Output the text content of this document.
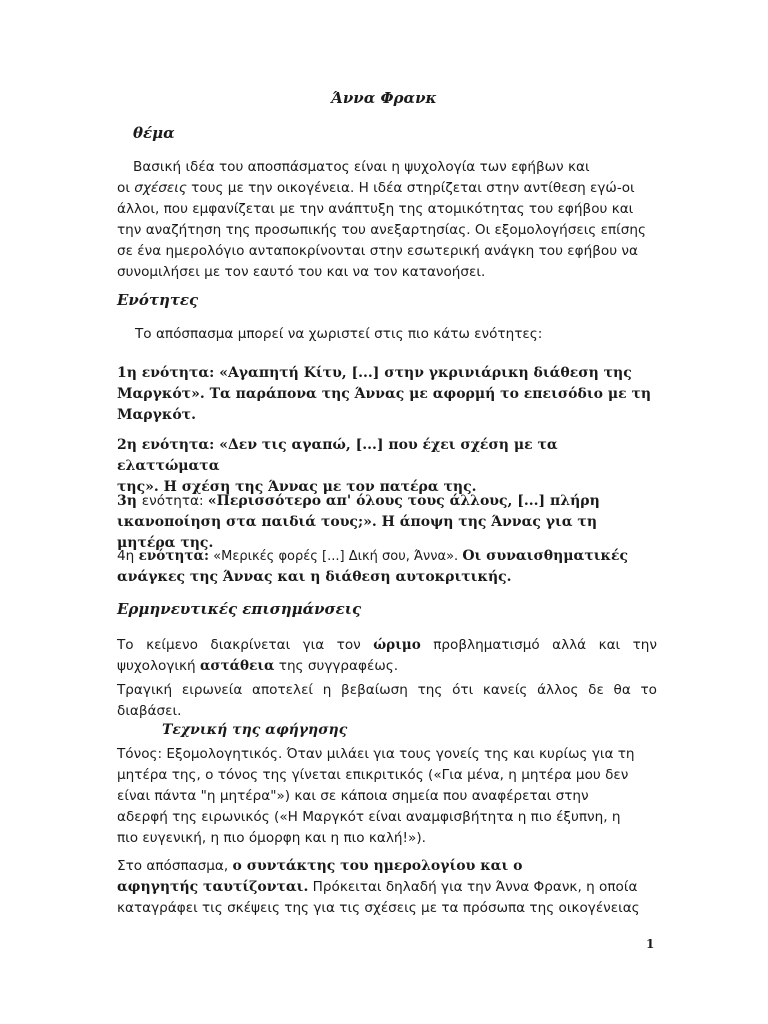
Άννα Φρανκ
θέμα
Βασική ιδέα του αποσπάσματος είναι η ψυχολογία των εφήβων και
οι σχέσεις τους με την οικογένεια. Η ιδέα στηρίζεται στην αντίθεση εγώ-οι
άλλοι, που εμφανίζεται με την ανάπτυξη της ατομικότητας του εφήβου και
την αναζήτηση της προσωπικής του ανεξαρτησίας. Οι εξομολογήσεις επίσης
σε ένα ημερολόγιο ανταποκρίνονται στην εσωτερική ανάγκη του εφήβου να
συνομιλήσει με τον εαυτό του και να τον κατανοήσει.
Ενότητες
Το απόσπασμα μπορεί να χωριστεί στις πιο κάτω ενότητες:
1η ενότητα: «Αγαπητή Κίτυ, [...] στην γκρινιάρικη διάθεση της
Μαργκότ». Τα παράπονα της Άννας με αφορμή το επεισόδιο με τη
Μαργκότ.
2η ενότητα: «Δεν τις αγαπώ, [...] που έχει σχέση με τα ελαττώματα
της». Η σχέση της Άννας με τον πατέρα της.
3η ενότητα: «Περισσότερο απ' όλους τους άλλους, [...] πλήρη
ικανοποίηση στα παιδιά τους;». Η άποψη της Άννας για τη μητέρα της.
4η ενότητα: «Μερικές φορές [...] Δική σου, Άννα». Οι συναισθηματικές
ανάγκες της Άννας και η διάθεση αυτοκριτικής.
Ερμηνευτικές επισημάνσεις
Το κείμενο διακρίνεται για τον ώριμο προβληματισμό αλλά και την
ψυχολογική αστάθεια της συγγραφέως.
Τραγική ειρωνεία αποτελεί η βεβαίωση της ότι κανείς άλλος δε θα το
διαβάσει.
Τεχνική της αφήγησης
Τόνος: Εξομολογητικός. Όταν μιλάει για τους γονείς της και κυρίως για τη
μητέρα της, ο τόνος της γίνεται επικριτικός («Για μένα, η μητέρα μου δεν
είναι πάντα "η μητέρα"») και σε κάποια σημεία που αναφέρεται στην
αδερφή της ειρωνικός («Η Μαργκότ είναι αναμφισβήτητα η πιο έξυπνη, η
πιο ευγενική, η πιο όμορφη και η πιο καλή!»).
Στο απόσπασμα, ο συντάκτης του ημερολογίου και ο
αφηγητής ταυτίζονται. Πρόκειται δηλαδή για την Άννα Φρανκ, η οποία
καταγράφει τις σκέψεις της για τις σχέσεις με τα πρόσωπα της οικογένειας
1
